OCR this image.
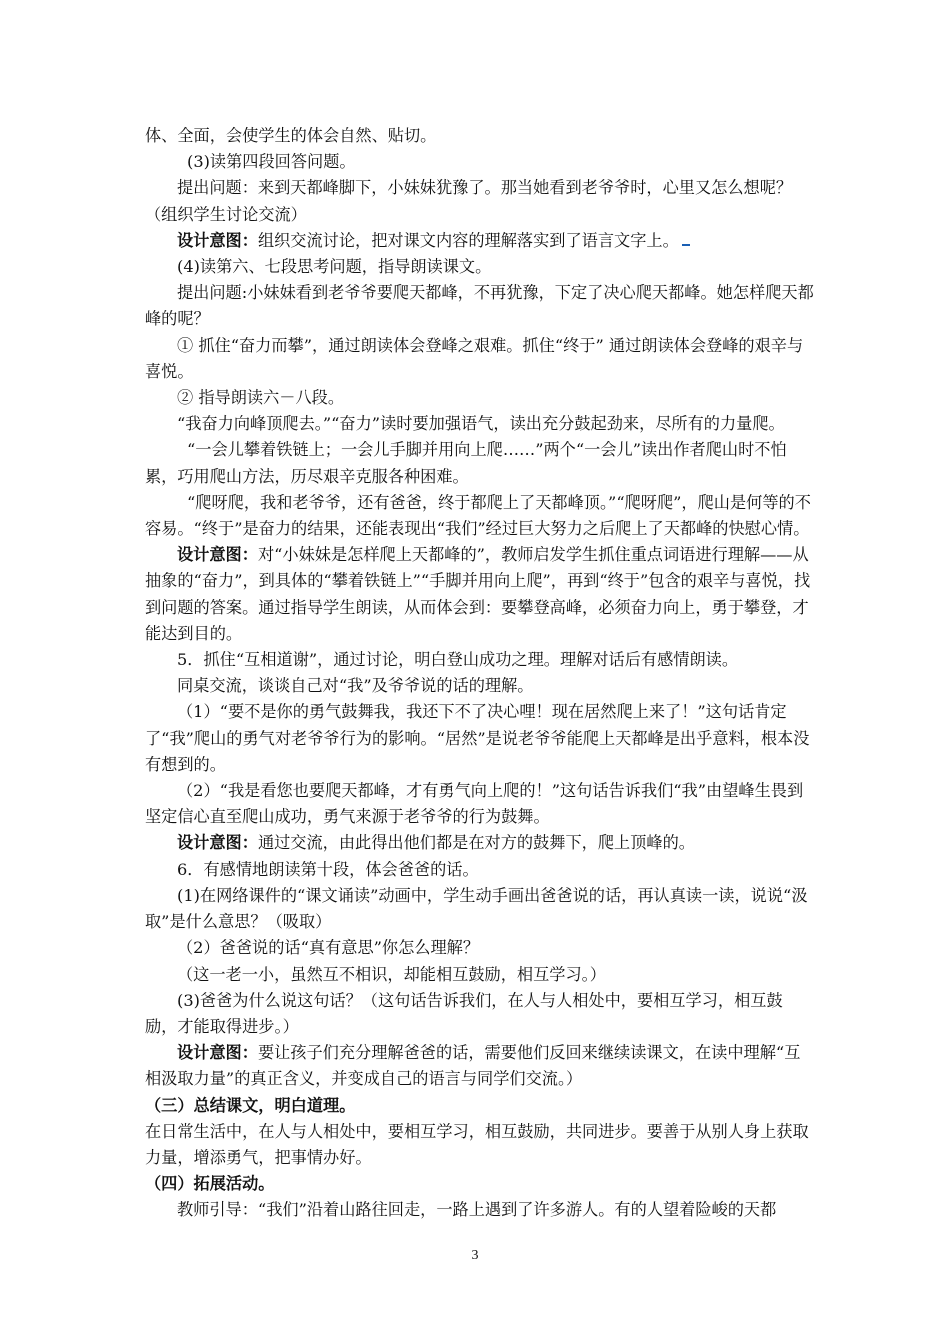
体、全面，会使学生的体会自然、贴切。

(3)读第四段回答问题。

提出问题：来到天都峰脚下，小妹妹犹豫了。那当她看到老爷爷时，心里又怎么想呢？（组织学生讨论交流）

设计意图：组织交流讨论，把对课文内容的理解落实到了语言文字上。

(4)读第六、七段思考问题，指导朗读课文。

提出问题:小妹妹看到老爷爷要爬天都峰，不再犹豫，下定了决心爬天都峰。她怎样爬天都峰的呢？

① 抓住“奋力而攀”，通过朗读体会登峰之艰难。抓住“终于” 通过朗读体会登峰的艰辛与喜悦。

② 指导朗读六－八段。

“我奋力向峰顶爬去。”“奋力”读时要加强语气，读出充分鼓起劲来，尽所有的力量爬。

“一会儿攀着铁链上；一会儿手脚并用向上爬……”两个“一会儿”读出作者爬山时不怕累，巧用爬山方法，历尽艰辛克服各种困难。

“爬呀爬，我和老爷爷，还有爸爸，终于都爬上了天都峰顶。”“爬呀爬”，爬山是何等的不容易。“终于”是奋力的结果，还能表现出“我们”经过巨大努力之后爬上了天都峰的快慰心情。

设计意图：对“小妹妹是怎样爬上天都峰的”，教师启发学生抓住重点词语进行理解——从抽象的“奋力”，到具体的“攀着铁链上”“手脚并用向上爬”，再到“终于”包含的艰辛与喜悦，找到问题的答案。通过指导学生朗读，从而体会到：要攀登高峰，必须奋力向上，勇于攀登，才能达到目的。

5．抓住“互相道谢”，通过讨论，明白登山成功之理。理解对话后有感情朗读。

同桌交流，谈谈自己对“我”及爷爷说的话的理解。

（1）“要不是你的勇气鼓舞我，我还下不了决心哩！现在居然爬上来了！”这句话肯定了“我”爬山的勇气对老爷爷行为的影响。“居然”是说老爷爷能爬上天都峰是出乎意料，根本没有想到的。

（2）“我是看您也要爬天都峰，才有勇气向上爬的！”这句话告诉我们“我”由望峰生畏到坚定信心直至爬山成功，勇气来源于老爷爷的行为鼓舞。

设计意图：通过交流，由此得出他们都是在对方的鼓舞下，爬上顶峰的。

6．有感情地朗读第十段，体会爸爸的话。

(1)在网络课件的“课文诵读”动画中，学生动手画出爸爸说的话，再认真读一读，说说“汲取”是什么意思？（吸取）

（2）爸爸说的话“真有意思”你怎么理解？

（这一老一小，虽然互不相识，却能相互鼓励，相互学习。）

(3)爸爸为什么说这句话？（这句话告诉我们，在人与人相处中，要相互学习，相互鼓励，才能取得进步。）

设计意图：要让孩子们充分理解爸爸的话，需要他们反回来继续读课文，在读中理解“互相汲取力量”的真正含义，并变成自己的语言与同学们交流。）

（三）总结课文，明白道理。

在日常生活中，在人与人相处中，要相互学习，相互鼓励，共同进步。要善于从别人身上获取力量，增添勇气，把事情办好。

（四）拓展活动。

教师引导：“我们”沿着山路往回走，一路上遇到了许多游人。有的人望着险峻的天都

3
